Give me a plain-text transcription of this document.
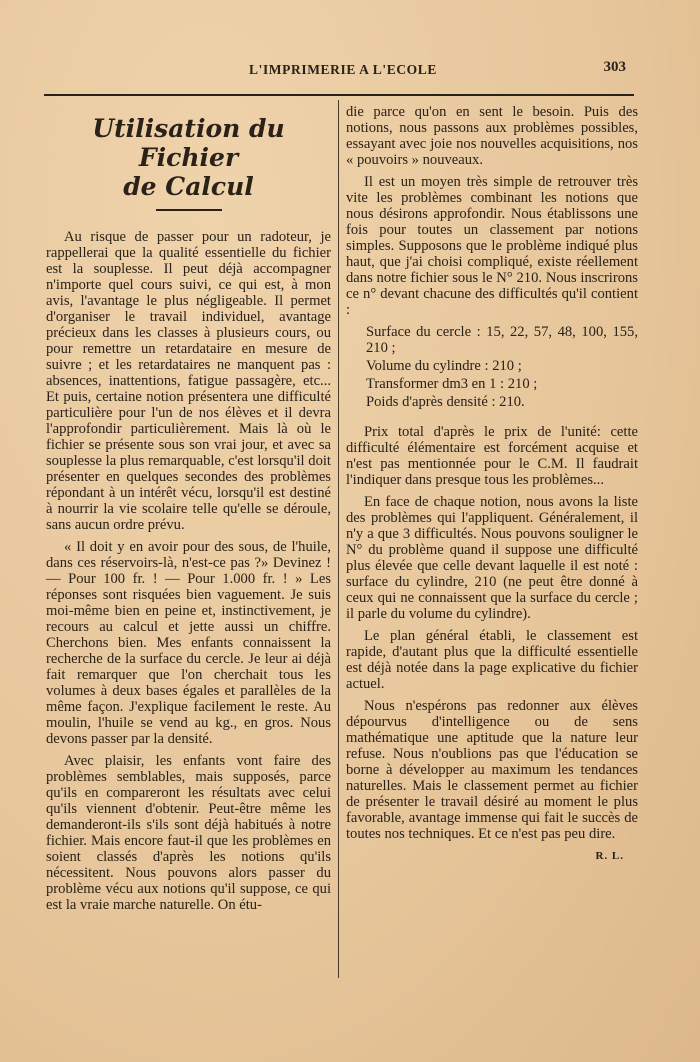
L'IMPRIMERIE A L'ECOLE	303
Utilisation du Fichier
de Calcul

Au risque de passer pour un radoteur, je rappellerai que la qualité essentielle du fichier est la souplesse. Il peut déjà accompagner n'importe quel cours suivi, ce qui est, à mon avis, l'avantage le plus négligeable. Il permet d'organiser le travail individuel, avantage précieux dans les classes à plusieurs cours, ou pour remettre un retardataire en mesure de suivre ; et les retardataires ne manquent pas : absences, inattentions, fatigue passagère, etc... Et puis, certaine notion présentera une difficulté particulière pour l'un de nos élèves et il devra l'approfondir particulièrement. Mais là où le fichier se présente sous son vrai jour, et avec sa souplesse la plus remarquable, c'est lorsqu'il doit présenter en quelques secondes des problèmes répondant à un intérêt vécu, lorsqu'il est destiné à nourrir la vie scolaire telle qu'elle se déroule, sans aucun ordre prévu.

« Il doit y en avoir pour des sous, de l'huile, dans ces réservoirs-là, n'est-ce pas ?» Devinez ! — Pour 100 fr. ! — Pour 1.000 fr. ! » Les réponses sont risquées bien vaguement. Je suis moi-même bien en peine et, instinctivement, je recours au calcul et jette aussi un chiffre. Cherchons bien. Mes enfants connaissent la recherche de la surface du cercle. Je leur ai déjà fait remarquer que l'on cherchait tous les volumes à deux bases égales et parallèles de la même façon. J'explique facilement le reste. Au moulin, l'huile se vend au kg., en gros. Nous devons passer par la densité.

Avec plaisir, les enfants vont faire des problèmes semblables, mais supposés, parce qu'ils en compareront les résultats avec celui qu'ils viennent d'obtenir. Peut-être même les demanderont-ils s'ils sont déjà habitués à notre fichier. Mais encore faut-il que les problèmes en soient classés d'après les notions qu'ils nécessitent. Nous pouvons alors passer du problème vécu aux notions qu'il suppose, ce qui est la vraie marche naturelle. On étu-

die parce qu'on en sent le besoin. Puis des notions, nous passons aux problèmes possibles, essayant avec joie nos nouvelles acquisitions, nos « pouvoirs » nouveaux.

Il est un moyen très simple de retrouver très vite les problèmes combinant les notions que nous désirons approfondir. Nous établissons une fois pour toutes un classement par notions simples. Supposons que le problème indiqué plus haut, que j'ai choisi compliqué, existe réellement dans notre fichier sous le N° 210. Nous inscrirons ce n° devant chacune des difficultés qu'il contient :

Surface du cercle : 15, 22, 57, 48, 100, 155, 210 ;
Volume du cylindre : 210 ;
Transformer dm3 en 1 : 210 ;
Poids d'après densité : 210.

Prix total d'après le prix de l'unité: cette difficulté élémentaire est forcément acquise et n'est pas mentionnée pour le C.M. Il faudrait l'indiquer dans presque tous les problèmes...

En face de chaque notion, nous avons la liste des problèmes qui l'appliquent. Généralement, il n'y a que 3 difficultés. Nous pouvons souligner le N° du problème quand il suppose une difficulté plus élevée que celle devant laquelle il est noté : surface du cylindre, 210 (ne peut être donné à ceux qui ne connaissent que la surface du cercle ; il parle du volume du cylindre).

Le plan général établi, le classement est rapide, d'autant plus que la difficulté essentielle est déjà notée dans la page explicative du fichier actuel.

Nous n'espérons pas redonner aux élèves dépourvus d'intelligence ou de sens mathématique une aptitude que la nature leur refuse. Nous n'oublions pas que l'éducation se borne à développer au maximum les tendances naturelles. Mais le classement permet au fichier de présenter le travail désiré au moment le plus favorable, avantage immense qui fait le succès de toutes nos techniques. Et ce n'est pas peu dire.

R. L.
